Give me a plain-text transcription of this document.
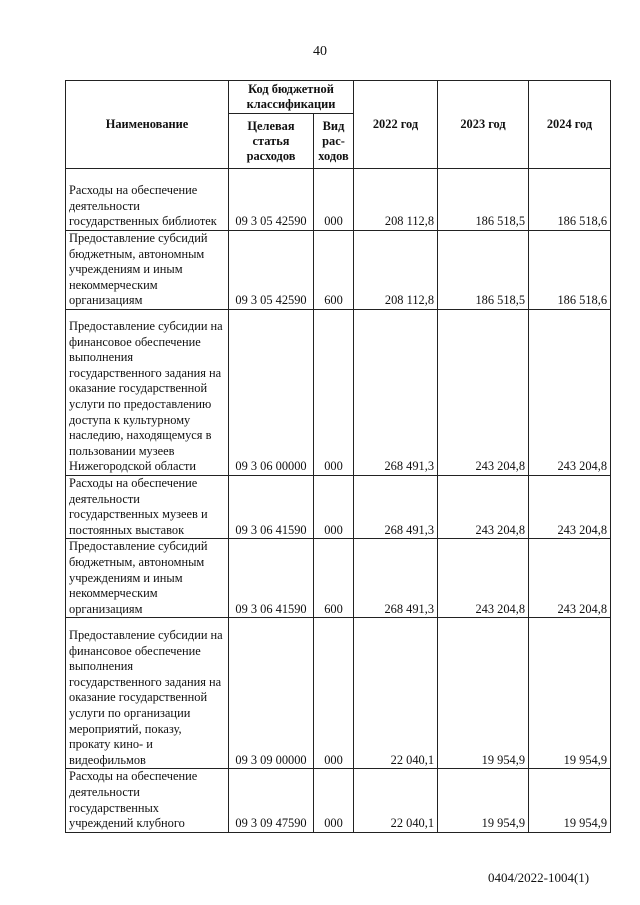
40
Наименование	Код бюджетной классификации		2022 год	2023 год	2024 год
	Целевая статья расходов	Вид рас-ходов			
Расходы на обеспечение деятельности государственных библиотек	09 3 05 42590	000	208 112,8	186 518,5	186 518,6
Предоставление субсидий бюджетным, автономным учреждениям и иным некоммерческим организациям	09 3 05 42590	600	208 112,8	186 518,5	186 518,6
Предоставление субсидии на финансовое обеспечение выполнения государственного задания на оказание государственной услуги по предоставлению доступа к культурному наследию, находящемуся в пользовании музеев Нижегородской области	09 3 06 00000	000	268 491,3	243 204,8	243 204,8
Расходы на обеспечение деятельности государственных музеев и постоянных выставок	09 3 06 41590	000	268 491,3	243 204,8	243 204,8
Предоставление субсидий бюджетным, автономным учреждениям и иным некоммерческим организациям	09 3 06 41590	600	268 491,3	243 204,8	243 204,8
Предоставление субсидии на финансовое обеспечение выполнения государственного задания на оказание государственной услуги по организации мероприятий, показу, прокату кино- и видеофильмов	09 3 09 00000	000	22 040,1	19 954,9	19 954,9
Расходы на обеспечение деятельности государственных учреждений клубного	09 3 09 47590	000	22 040,1	19 954,9	19 954,9
0404/2022-1004(1)
